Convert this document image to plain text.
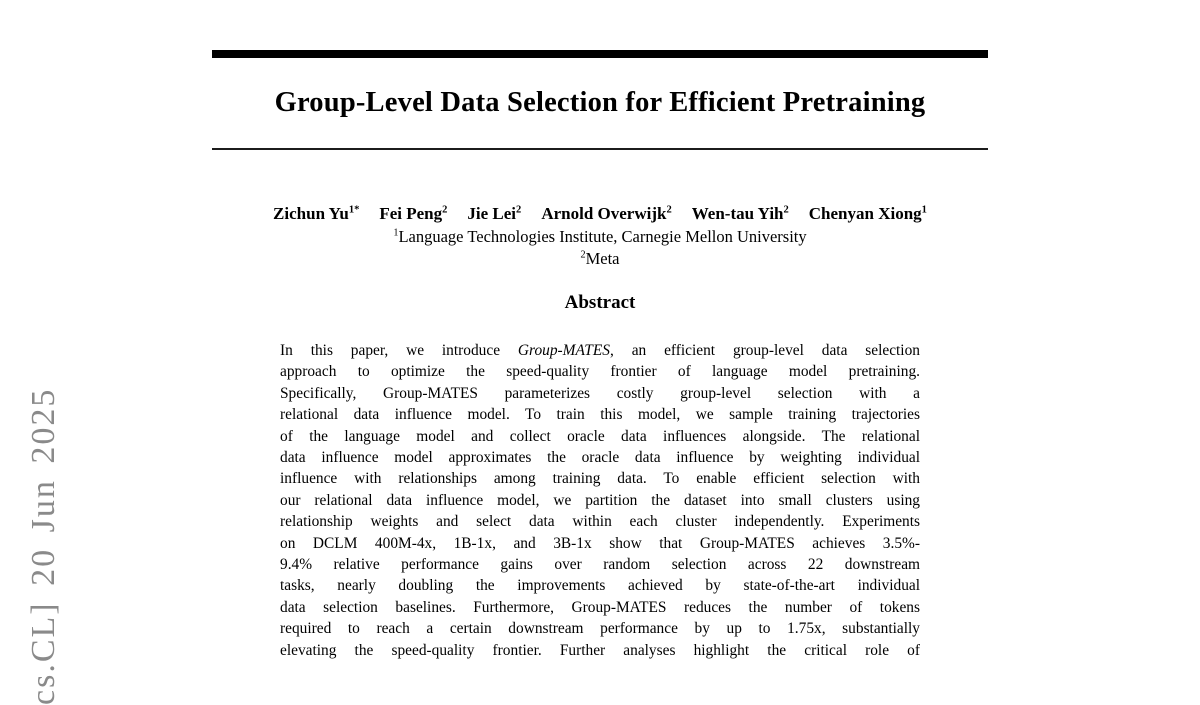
cs.CL] 20 Jun 2025
Group-Level Data Selection for Efficient Pretraining
Zichun $Yu^{1*}$ Fei Peng$^2$ Jie Lei$^2$ Arnold Overwijk$^2$ Wen-tau Yih$^2$ Chenyan Xiong$^1$
$^1$Language Technologies Institute, Carnegie Mellon University
$^2$Meta
Abstract
In this paper, we introduce Group-MATES, an efficient group-level data selection
approach to optimize the speed-quality frontier of language model pretraining.
Specifically, Group-MATES parameterizes costly group-level selection with a
relational data influence model. To train this model, we sample training trajectories
of the language model and collect oracle data influences alongside. The relational
data influence model approximates the oracle data influence by weighting individual
influence with relationships among training data. To enable efficient selection with
our relational data influence model, we partition the dataset into small clusters using
relationship weights and select data within each cluster independently. Experiments
on DCLM 400M-4x, 1B-1x, and 3B-1x show that Group-MATES achieves 3.5%-
9.4% relative performance gains over random selection across 22 downstream
tasks, nearly doubling the improvements achieved by state-of-the-art individual
data selection baselines. Furthermore, Group-MATES reduces the number of tokens
required to reach a certain downstream performance by up to 1.75x, substantially
elevating the speed-quality frontier. Further analyses highlight the critical role of
